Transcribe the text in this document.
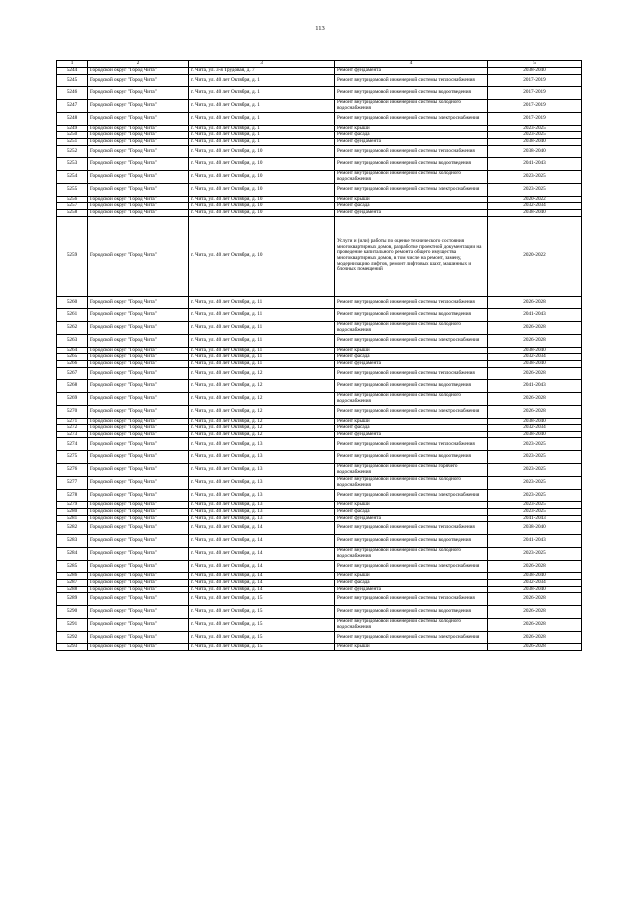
113
1	2	3	4	5
5244	Городской округ "Город Чита"	г. Чита, ул. 3-я Трудовая, д. 7	Ремонт фундамента	2038-2040
5245	Городской округ "Город Чита"	г. Чита, ул. 40 лет Октября, д. 1	Ремонт внутридомовой инженерной системы теплоснабжения	2017-2019
5246	Городской округ "Город Чита"	г. Чита, ул. 40 лет Октября, д. 1	Ремонт внутридомовой инженерной системы водоотведения	2017-2019
5247	Городской округ "Город Чита"	г. Чита, ул. 40 лет Октября, д. 1	Ремонт внутридомовой инженерной системы холодного водоснабжения	2017-2019
5248	Городской округ "Город Чита"	г. Чита, ул. 40 лет Октября, д. 1	Ремонт внутридомовой инженерной системы электроснабжения	2017-2019
5249	Городской округ "Город Чита"	г. Чита, ул. 40 лет Октября, д. 1	Ремонт крыши	2023-2025
5250	Городской округ "Город Чита"	г. Чита, ул. 40 лет Октября, д. 1	Ремонт фасада	2023-2025
5251	Городской округ "Город Чита"	г. Чита, ул. 40 лет Октября, д. 1	Ремонт фундамента	2038-2040
5252	Городской округ "Город Чита"	г. Чита, ул. 40 лет Октября, д. 10	Ремонт внутридомовой инженерной системы теплоснабжения	2038-2040
5253	Городской округ "Город Чита"	г. Чита, ул. 40 лет Октября, д. 10	Ремонт внутридомовой инженерной системы водоотведения	2041-2043
5254	Городской округ "Город Чита"	г. Чита, ул. 40 лет Октября, д. 10	Ремонт внутридомовой инженерной системы холодного водоснабжения	2023-2025
5255	Городской округ "Город Чита"	г. Чита, ул. 40 лет Октября, д. 10	Ремонт внутридомовой инженерной системы электроснабжения	2023-2025
5256	Городской округ "Город Чита"	г. Чита, ул. 40 лет Октября, д. 10	Ремонт крыши	2020-2022
5257	Городской округ "Город Чита"	г. Чита, ул. 40 лет Октября, д. 10	Ремонт фасада	2032-2034
5258	Городской округ "Город Чита"	г. Чита, ул. 40 лет Октября, д. 10	Ремонт фундамента	2038-2040
5259	Городской округ "Город Чита"	г. Чита, ул. 40 лет Октября, д. 10	Услуги и (или) работы по оценке технического состояния многоквартирных домов, разработке проектной документации на проведение капитального ремонта общего имущества многоквартирных домов, в том числе на ремонт, замену, модернизацию лифтов, ремонт лифтовых шахт, машинных и блочных помещений	2020-2022
5260	Городской округ "Город Чита"	г. Чита, ул. 40 лет Октября, д. 11	Ремонт внутридомовой инженерной системы теплоснабжения	2026-2028
5261	Городской округ "Город Чита"	г. Чита, ул. 40 лет Октября, д. 11	Ремонт внутридомовой инженерной системы водоотведения	2041-2043
5262	Городской округ "Город Чита"	г. Чита, ул. 40 лет Октября, д. 11	Ремонт внутридомовой инженерной системы холодного водоснабжения	2026-2028
5263	Городской округ "Город Чита"	г. Чита, ул. 40 лет Октября, д. 11	Ремонт внутридомовой инженерной системы электроснабжения	2026-2028
5264	Городской округ "Город Чита"	г. Чита, ул. 40 лет Октября, д. 11	Ремонт крыши	2038-2040
5265	Городской округ "Город Чита"	г. Чита, ул. 40 лет Октября, д. 11	Ремонт фасада	2032-2034
5266	Городской округ "Город Чита"	г. Чита, ул. 40 лет Октября, д. 11	Ремонт фундамента	2038-2040
5267	Городской округ "Город Чита"	г. Чита, ул. 40 лет Октября, д. 12	Ремонт внутридомовой инженерной системы теплоснабжения	2026-2028
5268	Городской округ "Город Чита"	г. Чита, ул. 40 лет Октября, д. 12	Ремонт внутридомовой инженерной системы водоотведения	2041-2043
5269	Городской округ "Город Чита"	г. Чита, ул. 40 лет Октября, д. 12	Ремонт внутридомовой инженерной системы холодного водоснабжения	2026-2028
5270	Городской округ "Город Чита"	г. Чита, ул. 40 лет Октября, д. 12	Ремонт внутридомовой инженерной системы электроснабжения	2026-2028
5271	Городской округ "Город Чита"	г. Чита, ул. 40 лет Октября, д. 12	Ремонт крыши	2038-2040
5272	Городской округ "Город Чита"	г. Чита, ул. 40 лет Октября, д. 12	Ремонт фасада	2032-2034
5273	Городской округ "Город Чита"	г. Чита, ул. 40 лет Октября, д. 12	Ремонт фундамента	2038-2040
5274	Городской округ "Город Чита"	г. Чита, ул. 40 лет Октября, д. 13	Ремонт внутридомовой инженерной системы теплоснабжения	2023-2025
5275	Городской округ "Город Чита"	г. Чита, ул. 40 лет Октября, д. 13	Ремонт внутридомовой инженерной системы водоотведения	2023-2025
5276	Городской округ "Город Чита"	г. Чита, ул. 40 лет Октября, д. 13	Ремонт внутридомовой инженерной системы горячего водоснабжения	2023-2025
5277	Городской округ "Город Чита"	г. Чита, ул. 40 лет Октября, д. 13	Ремонт внутридомовой инженерной системы холодного водоснабжения	2023-2025
5278	Городской округ "Город Чита"	г. Чита, ул. 40 лет Октября, д. 13	Ремонт внутридомовой инженерной системы электроснабжения	2023-2025
5279	Городской округ "Город Чита"	г. Чита, ул. 40 лет Октября, д. 13	Ремонт крыши	2023-2025
5280	Городской округ "Город Чита"	г. Чита, ул. 40 лет Октября, д. 13	Ремонт фасада	2023-2025
5281	Городской округ "Город Чита"	г. Чита, ул. 40 лет Октября, д. 13	Ремонт фундамента	2041-2043
5282	Городской округ "Город Чита"	г. Чита, ул. 40 лет Октября, д. 14	Ремонт внутридомовой инженерной системы теплоснабжения	2038-2040
5283	Городской округ "Город Чита"	г. Чита, ул. 40 лет Октября, д. 14	Ремонт внутридомовой инженерной системы водоотведения	2041-2043
5284	Городской округ "Город Чита"	г. Чита, ул. 40 лет Октября, д. 14	Ремонт внутридомовой инженерной системы холодного водоснабжения	2023-2025
5285	Городской округ "Город Чита"	г. Чита, ул. 40 лет Октября, д. 14	Ремонт внутридомовой инженерной системы электроснабжения	2026-2028
5286	Городской округ "Город Чита"	г. Чита, ул. 40 лет Октября, д. 14	Ремонт крыши	2038-2040
5287	Городской округ "Город Чита"	г. Чита, ул. 40 лет Октября, д. 14	Ремонт фасада	2032-2034
5288	Городской округ "Город Чита"	г. Чита, ул. 40 лет Октября, д. 14	Ремонт фундамента	2038-2040
5289	Городской округ "Город Чита"	г. Чита, ул. 40 лет Октября, д. 15	Ремонт внутридомовой инженерной системы теплоснабжения	2026-2028
5290	Городской округ "Город Чита"	г. Чита, ул. 40 лет Октября, д. 15	Ремонт внутридомовой инженерной системы водоотведения	2026-2028
5291	Городской округ "Город Чита"	г. Чита, ул. 40 лет Октября, д. 15	Ремонт внутридомовой инженерной системы холодного водоснабжения	2026-2028
5292	Городской округ "Город Чита"	г. Чита, ул. 40 лет Октября, д. 15	Ремонт внутридомовой инженерной системы электроснабжения	2026-2028
5293	Городской округ "Город Чита"	г. Чита, ул. 40 лет Октября, д. 15	Ремонт крыши	2026-2028
